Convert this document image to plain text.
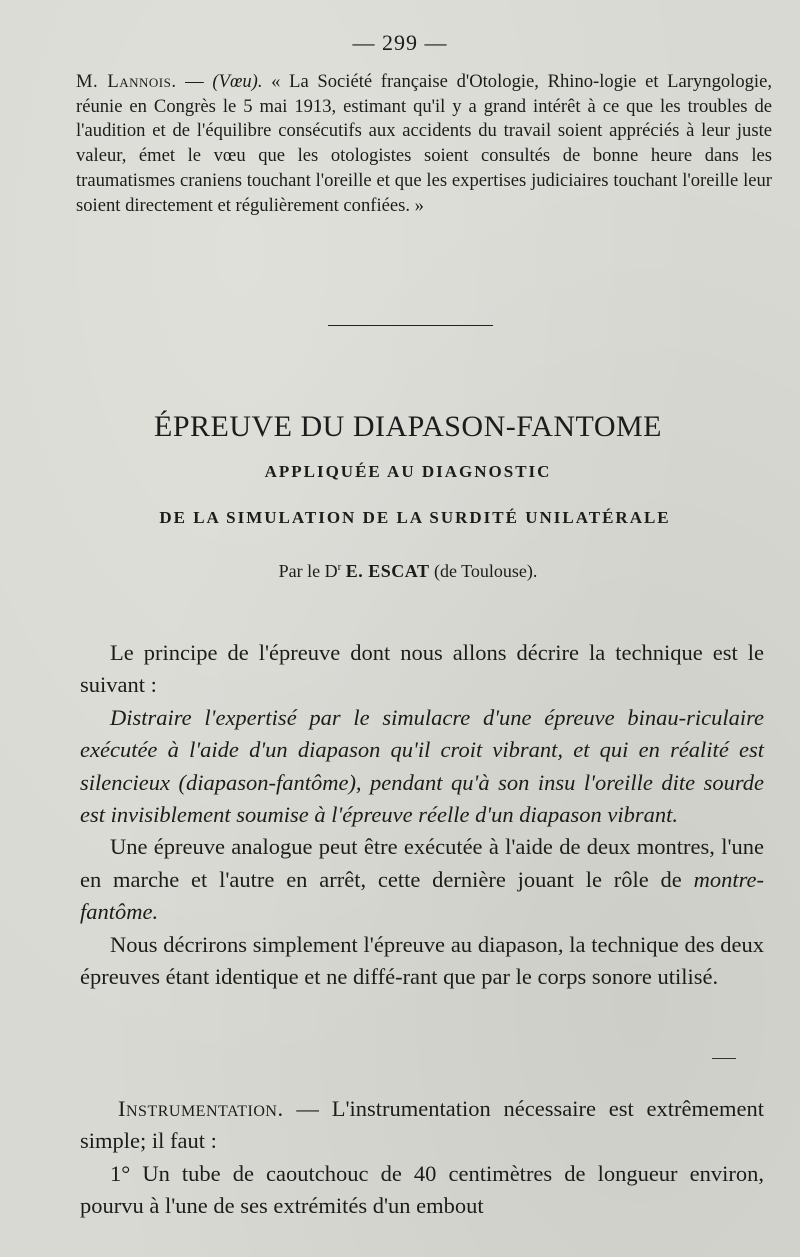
— 299 —
M. Lannois. — (Vœu). « La Société française d'Otologie, Rhino-logie et Laryngologie, réunie en Congrès le 5 mai 1913, estimant qu'il y a grand intérêt à ce que les troubles de l'audition et de l'équilibre consécutifs aux accidents du travail soient appréciés à leur juste valeur, émet le vœu que les otologistes soient consultés de bonne heure dans les traumatismes craniens touchant l'oreille et que les expertises judiciaires touchant l'oreille leur soient directement et régulièrement confiées. »
ÉPREUVE DU DIAPASON-FANTOME
APPLIQUÉE AU DIAGNOSTIC
DE LA SIMULATION DE LA SURDITÉ UNILATÉRALE
Par le $D^r$ E. ESCAT (de Toulouse).

Le principe de l'épreuve dont nous allons décrire la technique est le suivant :

Distraire l'expertisé par le simulacre d'une épreuve binau-riculaire exécutée à l'aide d'un diapason qu'il croit vibrant, et qui en réalité est silencieux (diapason-fantôme), pendant qu'à son insu l'oreille dite sourde est invisiblement soumise à l'épreuve réelle d'un diapason vibrant.

Une épreuve analogue peut être exécutée à l'aide de deux montres, l'une en marche et l'autre en arrêt, cette dernière jouant le rôle de montre-fantôme.

Nous décrirons simplement l'épreuve au diapason, la technique des deux épreuves étant identique et ne diffé-rant que par le corps sonore utilisé.

Instrumentation. — L'instrumentation nécessaire est extrêmement simple; il faut :

1° Un tube de caoutchouc de 40 centimètres de longueur environ, pourvu à l'une de ses extrémités d'un embout
